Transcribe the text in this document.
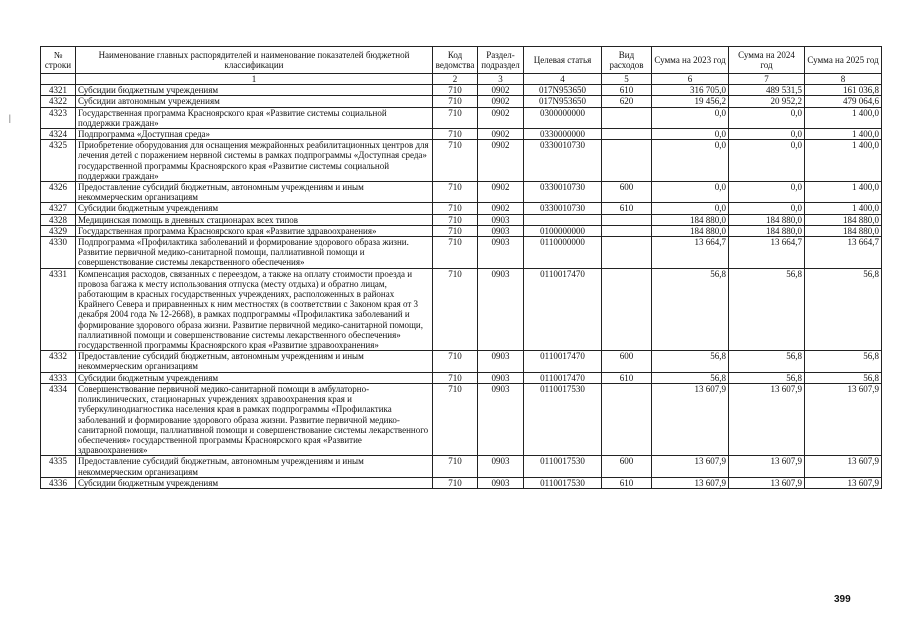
|
№ строки	Наименование главных распорядителей и наименование показателей бюджетной классификации	Код ведомства	Раздел-подраздел	Целевая статья	Вид расходов	Сумма на 2023 год	Сумма на 2024 год	Сумма на 2025 год
	1	2	3	4	5	6	7	8
4321	Субсидии бюджетным учреждениям	710	0902	017N953650	610	316 705,0	489 531,5	161 036,8
4322	Субсидии автономным учреждениям	710	0902	017N953650	620	19 456,2	20 952,2	479 064,6
4323	Государственная программа Красноярского края «Развитие системы социальной поддержки граждан»	710	0902	0300000000		0,0	0,0	1 400,0
4324	Подпрограмма «Доступная среда»	710	0902	0330000000		0,0	0,0	1 400,0
4325	Приобретение оборудования для оснащения межрайонных реабилитационных центров для лечения детей с поражением нервной системы в рамках подпрограммы «Доступная среда» государственной программы Красноярского края «Развитие системы социальной поддержки граждан»	710	0902	0330010730		0,0	0,0	1 400,0
4326	Предоставление субсидий бюджетным, автономным учреждениям и иным некоммерческим организациям	710	0902	0330010730	600	0,0	0,0	1 400,0
4327	Субсидии бюджетным учреждениям	710	0902	0330010730	610	0,0	0,0	1 400,0
4328	Медицинская помощь в дневных стационарах всех типов	710	0903			184 880,0	184 880,0	184 880,0
4329	Государственная программа Красноярского края «Развитие здравоохранения»	710	0903	0100000000		184 880,0	184 880,0	184 880,0
4330	Подпрограмма «Профилактика заболеваний и формирование здорового образа жизни. Развитие первичной медико-санитарной помощи, паллиативной помощи и совершенствование системы лекарственного обеспечения»	710	0903	0110000000		13 664,7	13 664,7	13 664,7
4331	Компенсация расходов, связанных с переездом, а также на оплату стоимости проезда и провоза багажа к месту использования отпуска (месту отдыха) и обратно лицам, работающим в красных государственных учреждениях, расположенных в районах Крайнего Севера и приравненных к ним местностях (в соответствии с Законом края от 3 декабря 2004 года № 12-2668), в рамках подпрограммы «Профилактика заболеваний и формирование здорового образа жизни. Развитие первичной медико-санитарной помощи, паллиативной помощи и совершенствование системы лекарственного обеспечения» государственной программы Красноярского края «Развитие здравоохранения»	710	0903	0110017470		56,8	56,8	56,8
4332	Предоставление субсидий бюджетным, автономным учреждениям и иным некоммерческим организациям	710	0903	0110017470	600	56,8	56,8	56,8
4333	Субсидии бюджетным учреждениям	710	0903	0110017470	610	56,8	56,8	56,8
4334	Совершенствование первичной медико-санитарной помощи в амбулаторно-поликлинических, стационарных учреждениях здравоохранения края и туберкулинодиагностика населения края в рамках подпрограммы «Профилактика заболеваний и формирование здорового образа жизни. Развитие первичной медико-санитарной помощи, паллиативной помощи и совершенствование системы лекарственного обеспечения» государственной программы Красноярского края «Развитие здравоохранения»	710	0903	0110017530		13 607,9	13 607,9	13 607,9
4335	Предоставление субсидий бюджетным, автономным учреждениям и иным некоммерческим организациям	710	0903	0110017530	600	13 607,9	13 607,9	13 607,9
4336	Субсидии бюджетным учреждениям	710	0903	0110017530	610	13 607,9	13 607,9	13 607,9
399
